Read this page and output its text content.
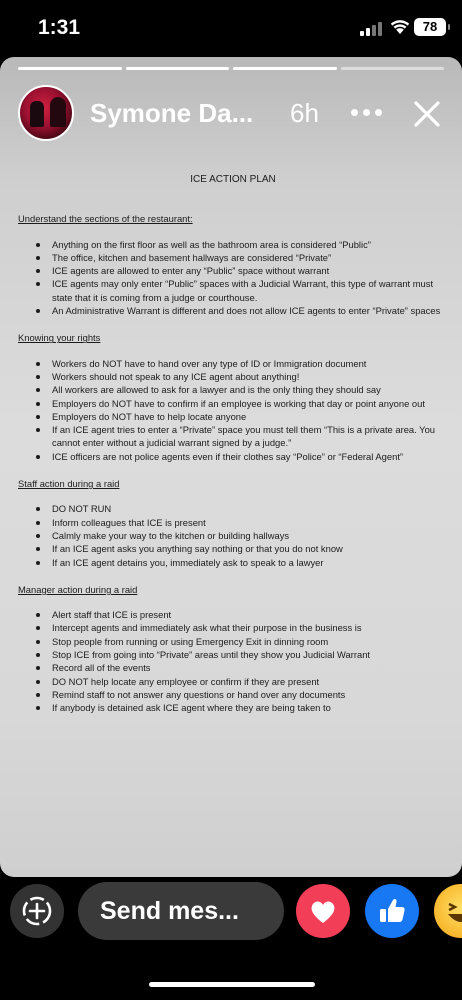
1:31	78
Symone Da... 6h
ICE ACTION PLAN
Understand the sections of the restaurant:
Anything on the first floor as well as the bathroom area is considered “Public”
The office, kitchen and basement hallways are considered “Private”
ICE agents are allowed to enter any “Public” space without warrant
ICE agents may only enter “Public” spaces with a Judicial Warrant, this type of warrant must state that it is coming from a judge or courthouse.
An Administrative Warrant is different and does not allow ICE agents to enter “Private” spaces
Knowing your rights
Workers do NOT have to hand over any type of ID or Immigration document
Workers should not speak to any ICE agent about anything!
All workers are allowed to ask for a lawyer and is the only thing they should say
Employers do NOT have to confirm if an employee is working that day or point anyone out
Employers do NOT have to help locate anyone
If an ICE agent tries to enter a “Private” space you must tell them “This is a private area. You cannot enter without a judicial warrant signed by a judge.”
ICE officers are not police agents even if their clothes say “Police” or “Federal Agent”
Staff action during a raid
DO NOT RUN
Inform colleagues that ICE is present
Calmly make your way to the kitchen or building hallways
If an ICE agent asks you anything say nothing or that you do not know
If an ICE agent detains you, immediately ask to speak to a lawyer
Manager action during a raid
Alert staff that ICE is present
Intercept agents and immediately ask what their purpose in the business is
Stop people from running or using Emergency Exit in dinning room
Stop ICE from going into “Private” areas until they show you Judicial Warrant
Record all of the events
DO NOT help locate any employee or confirm if they are present
Remind staff to not answer any questions or hand over any documents
If anybody is detained ask ICE agent where they are being taken to
Send mes...
